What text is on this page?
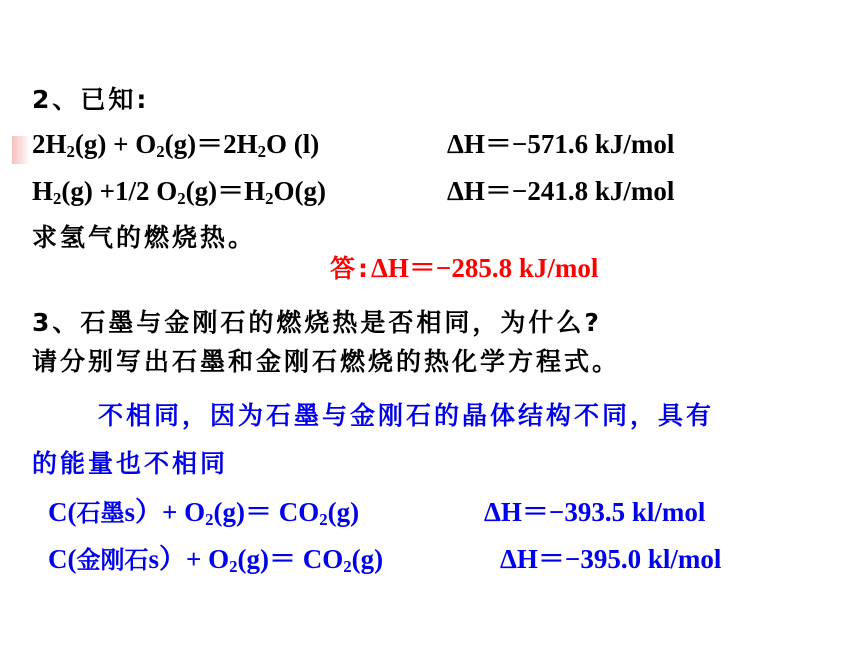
2、已知:
$2H_2(g) + O_2(g)=2H_2O$ (l)	ΔH＝−571.6 kJ/mol
$H_2(g) +1/2$ $O_2(g)=H_2O(g)$	ΔH＝−241.8 kJ/mol
求氢气的燃烧热。
答:ΔH＝−285.8 kJ/mol
3、石墨与金刚石的燃烧热是否相同，为什么?
请分别写出石墨和金刚石燃烧的热化学方程式。
不相同，因为石墨与金刚石的晶体结构不同，具有
的能量也不相同
C(石墨$s)+ O_2(g)= CO_2(g)$	ΔH＝−393.5 kl/mol
C(金刚石$s)+ O_2(g)= CO_2(g)$	ΔH＝−395.0 kl/mol
